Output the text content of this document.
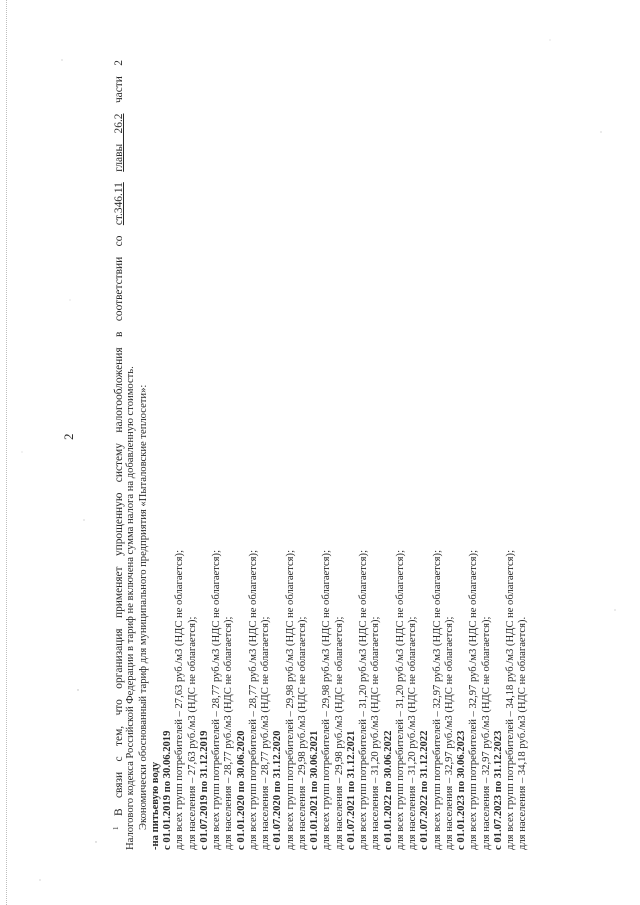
2
$^1$ В связи с тем, что организация применяет упрощенную систему налогообложения в соответствии со ст.346.11 главы 26.2 части 2
Налогового кодекса Российской Федерации в тариф не включена сумма налога на добавленную стоимость. Экономически обоснованный тариф для муниципального предприятия «Пыталовские теплосети»: -на питьевую воду с 01.01.2019 по 30.06.2019 для всех групп потребителей – 27,63 руб./м3 (НДС не облагается); для населения – 27,63 руб./м3 (НДС не облагается); с 01.07.2019 по 31.12.2019 для всех групп потребителей – 28,77 руб./м3 (НДС не облагается); для населения – 28,77 руб./м3 (НДС не облагается); с 01.01.2020 по 30.06.2020 для всех групп потребителей – 28,77 руб./м3 (НДС не облагается); для населения – 28,77 руб./м3 (НДС не облагается); с 01.07.2020 по 31.12.2020 для всех групп потребителей – 29,98 руб./м3 (НДС не облагается); для населения – 29,98 руб./м3 (НДС не облагается); с 01.01.2021 по 30.06.2021 для всех групп потребителей – 29,98 руб./м3 (НДС не облагается); для населения – 29,98 руб./м3 (НДС не облагается); с 01.07.2021 по 31.12.2021 для всех групп потребителей – 31,20 руб./м3 (НДС не облагается); для населения – 31,20 руб./м3 (НДС не облагается); с 01.01.2022 по 30.06.2022 для всех групп потребителей – 31,20 руб./м3 (НДС не облагается); для населения – 31,20 руб./м3 (НДС не облагается); с 01.07.2022 по 31.12.2022 для всех групп потребителей – 32,97 руб./м3 (НДС не облагается); для населения – 32,97 руб./м3 (НДС не облагается); с 01.01.2023 по 30.06.2023 для всех групп потребителей – 32,97 руб./м3 (НДС не облагается); для населения – 32,97 руб./м3 (НДС не облагается); с 01.07.2023 по 31.12.2023 для всех групп потребителей – 34,18 руб./м3 (НДС не облагается); для населения – 34,18 руб./м3 (НДС не облагается).
